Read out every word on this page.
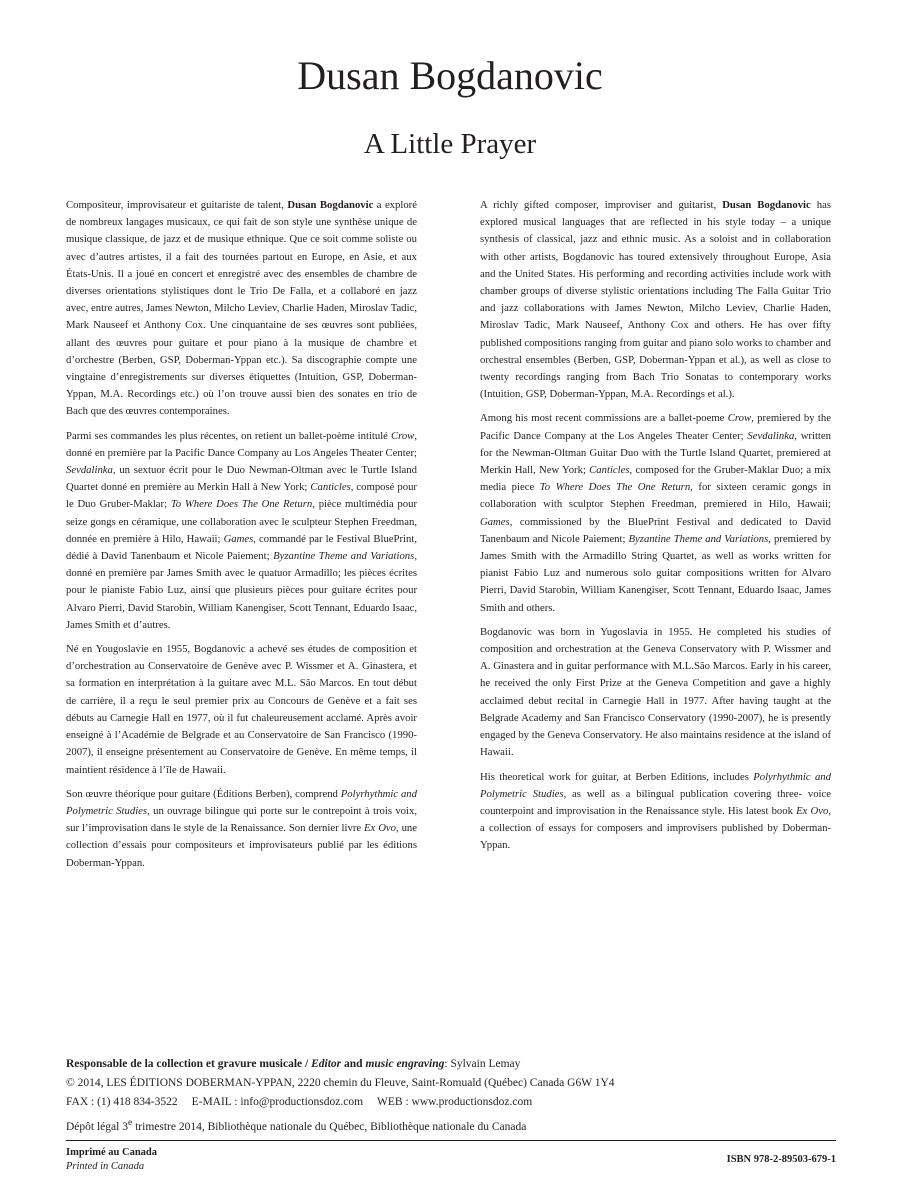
Dusan Bogdanovic
A Little Prayer

Compositeur, improvisateur et guitariste de talent, Dusan Bogdanovic a exploré de nombreux langages musicaux, ce qui fait de son style une synthèse unique de musique classique, de jazz et de musique ethnique. Que ce soit comme soliste ou avec d’autres artistes, il a fait des tournées partout en Europe, en Asie, et aux États-Unis. Il a joué en concert et enregistré avec des ensembles de chambre de diverses orientations stylistiques dont le Trio De Falla, et a collaboré en jazz avec, entre autres, James Newton, Milcho Leviev, Charlie Haden, Miroslav Tadic, Mark Nauseef et Anthony Cox. Une cinquantaine de ses œuvres sont publiées, allant des œuvres pour guitare et pour piano à la musique de chambre et d’orchestre (Berben, GSP, Doberman-Yppan etc.). Sa discographie compte une vingtaine d’enregistrements sur diverses étiquettes (Intuition, GSP, Doberman-Yppan, M.A. Recordings etc.) où l’on trouve aussi bien des sonates en trio de Bach que des œuvres contemporaines.

Parmi ses commandes les plus récentes, on retient un ballet-poème intitulé Crow, donné en première par la Pacific Dance Company au Los Angeles Theater Center; Sevdalinka, un sextuor écrit pour le Duo Newman-Oltman avec le Turtle Island Quartet donné en première au Merkin Hall à New York; Canticles, composé pour le Duo Gruber-Maklar; To Where Does The One Return, pièce multimédia pour seize gongs en céramique, une collaboration avec le sculpteur Stephen Freedman, donnée en première à Hilo, Hawaii; Games, commandé par le Festival BluePrint, dédié à David Tanenbaum et Nicole Paiement; Byzantine Theme and Variations, donné en première par James Smith avec le quatuor Armadillo; les pièces écrites pour le pianiste Fabio Luz, ainsi que plusieurs pièces pour guitare écrites pour Alvaro Pierri, David Starobin, William Kanengiser, Scott Tennant, Eduardo Isaac, James Smith et d’autres.

Né en Yougoslavie en 1955, Bogdanovic a achevé ses études de composition et d’orchestration au Conservatoire de Genève avec P. Wissmer et A. Ginastera, et sa formation en interprétation à la guitare avec M.L. São Marcos. En tout début de carrière, il a reçu le seul premier prix au Concours de Genève et a fait ses débuts au Carnegie Hall en 1977, où il fut chaleureusement acclamé. Après avoir enseigné à l’Académie de Belgrade et au Conservatoire de San Francisco (1990-2007), il enseigne présentement au Conservatoire de Genève. En même temps, il maintient résidence à l’île de Hawaii.

Son œuvre théorique pour guitare (Éditions Berben), comprend Polyrhythmic and Polymetric Studies, un ouvrage bilingue qui porte sur le contrepoint à trois voix, sur l’improvisation dans le style de la Renaissance. Son dernier livre Ex Ovo, une collection d’essais pour compositeurs et improvisateurs publié par les éditions Doberman-Yppan.

A richly gifted composer, improviser and guitarist, Dusan Bogdanovic has explored musical languages that are reflected in his style today – a unique synthesis of classical, jazz and ethnic music. As a soloist and in collaboration with other artists, Bogdanovic has toured extensively throughout Europe, Asia and the United States. His performing and recording activities include work with chamber groups of diverse stylistic orientations including The Falla Guitar Trio and jazz collaborations with James Newton, Milcho Leviev, Charlie Haden, Miroslav Tadic, Mark Nauseef, Anthony Cox and others. He has over fifty published compositions ranging from guitar and piano solo works to chamber and orchestral ensembles (Berben, GSP, Doberman-Yppan et al.), as well as close to twenty recordings ranging from Bach Trio Sonatas to contemporary works (Intuition, GSP, Doberman-Yppan, M.A. Recordings et al.).

Among his most recent commissions are a ballet-poeme Crow, premiered by the Pacific Dance Company at the Los Angeles Theater Center; Sevdalinka, written for the Newman-Oltman Guitar Duo with the Turtle Island Quartet, premiered at Merkin Hall, New York; Canticles, composed for the Gruber-Maklar Duo; a mix media piece To Where Does The One Return, for sixteen ceramic gongs in collaboration with sculptor Stephen Freedman, premiered in Hilo, Hawaii; Games, commissioned by the BluePrint Festival and dedicated to David Tanenbaum and Nicole Paiement; Byzantine Theme and Variations, premiered by James Smith with the Armadillo String Quartet, as well as works written for pianist Fabio Luz and numerous solo guitar compositions written for Alvaro Pierri, David Starobin, William Kanengiser, Scott Tennant, Eduardo Isaac, James Smith and others.

Bogdanovic was born in Yugoslavia in 1955. He completed his studies of composition and orchestration at the Geneva Conservatory with P. Wissmer and A. Ginastera and in guitar performance with M.L.São Marcos. Early in his career, he received the only First Prize at the Geneva Competition and gave a highly acclaimed debut recital in Carnegie Hall in 1977. After having taught at the Belgrade Academy and San Francisco Conservatory (1990-2007), he is presently engaged by the Geneva Conservatory. He also maintains residence at the island of Hawaii.

His theoretical work for guitar, at Berben Editions, includes Polyrhythmic and Polymetric Studies, as well as a bilingual publication covering three- voice counterpoint and improvisation in the Renaissance style. His latest book Ex Ovo, a collection of essays for composers and improvisers published by Doberman-Yppan.

Responsable de la collection et gravure musicale / Editor and music engraving: Sylvain Lemay
© 2014, LES ÉDITIONS DOBERMAN-YPPAN, 2220 chemin du Fleuve, Saint-Romuald (Québec) Canada G6W 1Y4
FAX : (1) 418 834-3522 E-MAIL : info@productionsdoz.com WEB : www.productionsdoz.com
Dépôt légal 3e trimestre 2014, Bibliothèque nationale du Québec, Bibliothèque nationale du Canada
Imprimé au Canada
Printed in Canada
ISBN 978-2-89503-679-1
